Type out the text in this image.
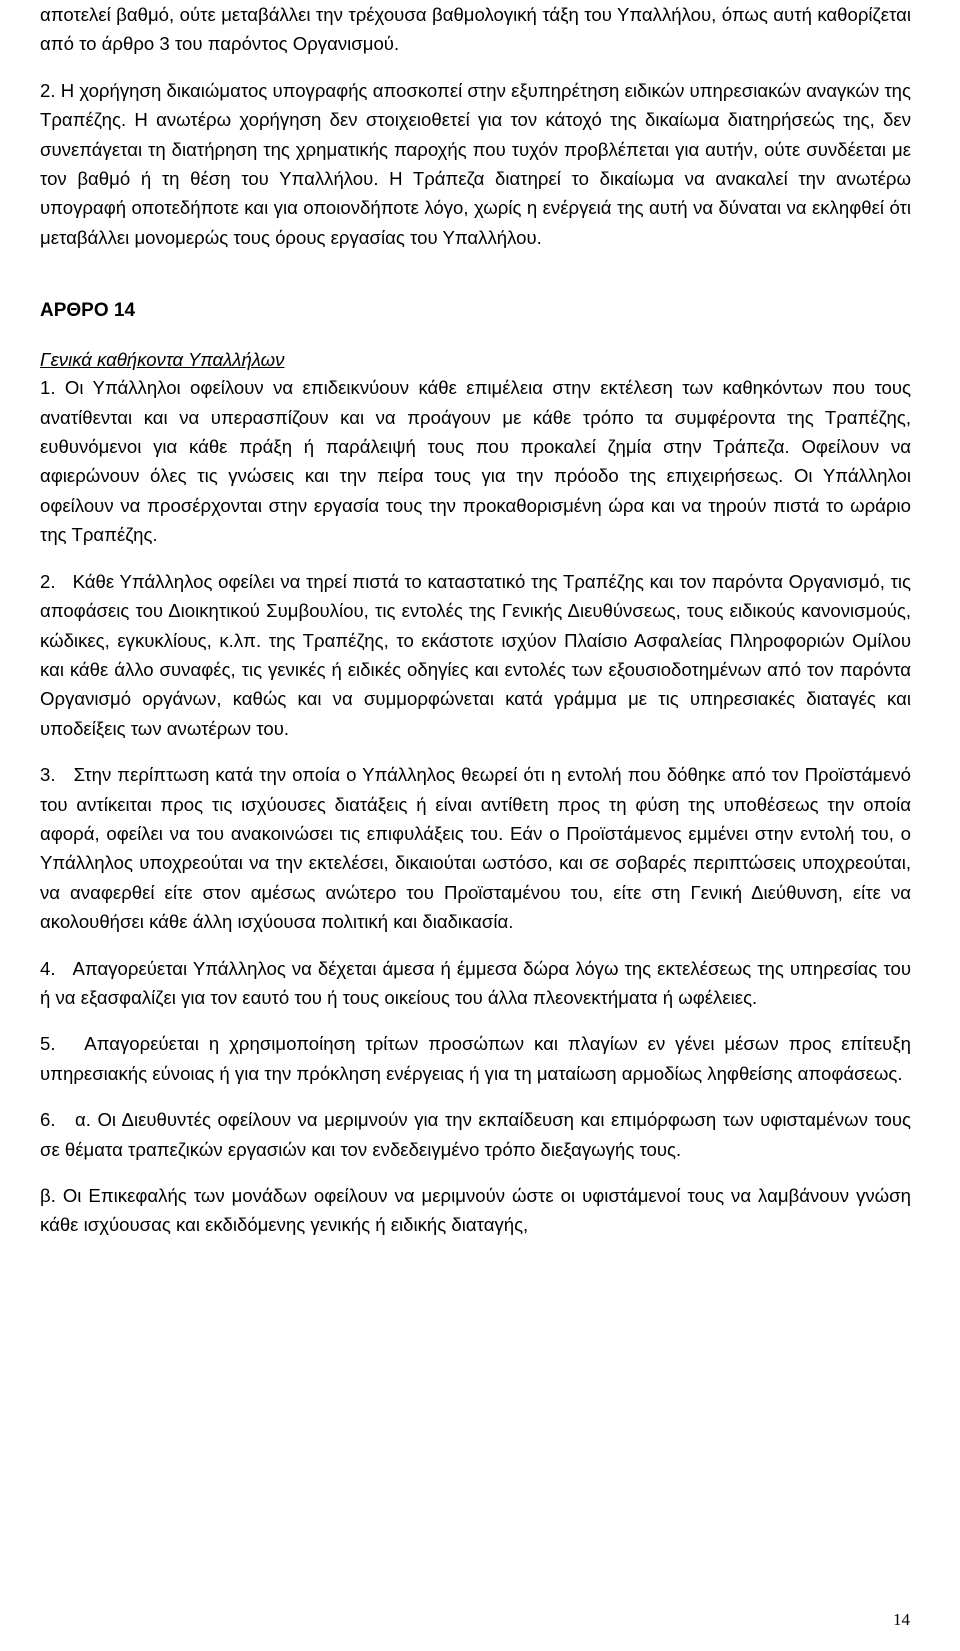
αποτελεί βαθμό, ούτε μεταβάλλει την τρέχουσα βαθμολογική τάξη του Υπαλλήλου, όπως αυτή καθορίζεται από το άρθρο 3 του παρόντος Οργανισμού.

2. Η χορήγηση δικαιώματος υπογραφής αποσκοπεί στην εξυπηρέτηση ειδικών υπηρεσιακών αναγκών της Τραπέζης. Η ανωτέρω χορήγηση δεν στοιχειοθετεί για τον κάτοχό της δικαίωμα διατηρήσεώς της, δεν συνεπάγεται τη διατήρηση της χρηματικής παροχής που τυχόν προβλέπεται για αυτήν, ούτε συνδέεται με τον βαθμό ή τη θέση του Υπαλλήλου. Η Τράπεζα διατηρεί το δικαίωμα να ανακαλεί την ανωτέρω υπογραφή οποτεδήποτε και για οποιονδήποτε λόγο, χωρίς η ενέργειά της αυτή να δύναται να εκληφθεί ότι μεταβάλλει μονομερώς τους όρους εργασίας του Υπαλλήλου.

ΑΡΘΡΟ 14
Γενικά καθήκοντα Υπαλλήλων

1. Οι Υπάλληλοι οφείλουν να επιδεικνύουν κάθε επιμέλεια στην εκτέλεση των καθηκόντων που τους ανατίθενται και να υπερασπίζουν και να προάγουν με κάθε τρόπο τα συμφέροντα της Τραπέζης, ευθυνόμενοι για κάθε πράξη ή παράλειψή τους που προκαλεί ζημία στην Τράπεζα. Οφείλουν να αφιερώνουν όλες τις γνώσεις και την πείρα τους για την πρόοδο της επιχειρήσεως. Οι Υπάλληλοι οφείλουν να προσέρχονται στην εργασία τους την προκαθορισμένη ώρα και να τηρούν πιστά το ωράριο της Τραπέζης.

2. Κάθε Υπάλληλος οφείλει να τηρεί πιστά το καταστατικό της Τραπέζης και τον παρόντα Οργανισμό, τις αποφάσεις του Διοικητικού Συμβουλίου, τις εντολές της Γενικής Διευθύνσεως, τους ειδικούς κανονισμούς, κώδικες, εγκυκλίους, κ.λπ. της Τραπέζης, το εκάστοτε ισχύον Πλαίσιο Ασφαλείας Πληροφοριών Ομίλου και κάθε άλλο συναφές, τις γενικές ή ειδικές οδηγίες και εντολές των εξουσιοδοτημένων από τον παρόντα Οργανισμό οργάνων, καθώς και να συμμορφώνεται κατά γράμμα με τις υπηρεσιακές διαταγές και υποδείξεις των ανωτέρων του.

3. Στην περίπτωση κατά την οποία ο Υπάλληλος θεωρεί ότι η εντολή που δόθηκε από τον Προϊστάμενό του αντίκειται προς τις ισχύουσες διατάξεις ή είναι αντίθετη προς τη φύση της υποθέσεως την οποία αφορά, οφείλει να του ανακοινώσει τις επιφυλάξεις του. Εάν ο Προϊστάμενος εμμένει στην εντολή του, ο Υπάλληλος υποχρεούται να την εκτελέσει, δικαιούται ωστόσο, και σε σοβαρές περιπτώσεις υποχρεούται, να αναφερθεί είτε στον αμέσως ανώτερο του Προϊσταμένου του, είτε στη Γενική Διεύθυνση, είτε να ακολουθήσει κάθε άλλη ισχύουσα πολιτική και διαδικασία.

4. Απαγορεύεται Υπάλληλος να δέχεται άμεσα ή έμμεσα δώρα λόγω της εκτελέσεως της υπηρεσίας του ή να εξασφαλίζει για τον εαυτό του ή τους οικείους του άλλα πλεονεκτήματα ή ωφέλειες.

5. Απαγορεύεται η χρησιμοποίηση τρίτων προσώπων και πλαγίων εν γένει μέσων προς επίτευξη υπηρεσιακής εύνοιας ή για την πρόκληση ενέργειας ή για τη ματαίωση αρμοδίως ληφθείσης αποφάσεως.

6. α. Οι Διευθυντές οφείλουν να μεριμνούν για την εκπαίδευση και επιμόρφωση των υφισταμένων τους σε θέματα τραπεζικών εργασιών και τον ενδεδειγμένο τρόπο διεξαγωγής τους.

β. Οι Επικεφαλής των μονάδων οφείλουν να μεριμνούν ώστε οι υφιστάμενοί τους να λαμβάνουν γνώση κάθε ισχύουσας και εκδιδόμενης γενικής ή ειδικής διαταγής,

14
